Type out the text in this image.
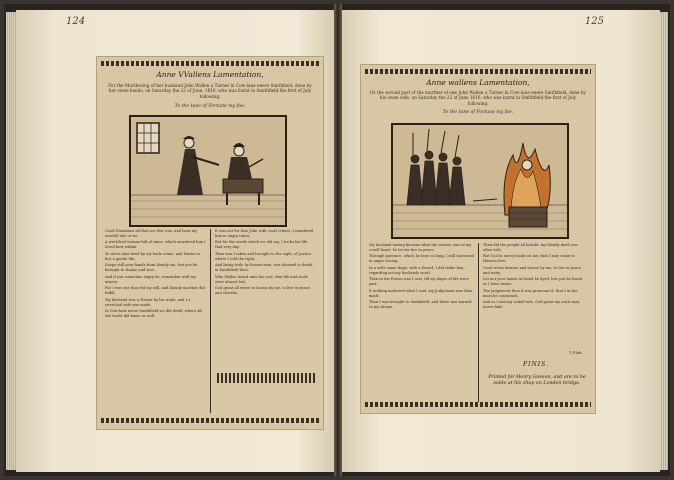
124
Anne VVallens Lamentation,
For the Murthering of her husband John Wallen a Turner in Cow-lane neere Smithfield, done by her owne hands, on Saturday the 22 of June, 1616. who was burnt in Smithfield the first of July following.
To the tune of Fortune my foe.

Good Christians all that see this woe, and hear my woefull tale of wo,

A wretched woman full of sinne, which murdered him I loved best within.

Ye wives take heed by my foule crime, and learne to live a gentle life,

Keepe still your hands from bloudy sin, lest you be brought to shame and woe.

And if you sometime angry be, remember well my misery.

For I was one that fed my will, and bloudy murther did fulfill.

My husband was a Turner by his trade, and I a wretched wife was made,

In Cow-lane neere Smithfield we did dwell, where all the world did know us well.

It was not for that John with cruel crimes, I murdered him in angry times,

But for the words which we did say, I tooke his life that very day.

Then was I taken and brought to the sight, of Justice where I told the right,

And being tride by honest men, was doomed to death in Smithfield then.

Who Wallen heard unto his cost, that life and soule were almost lost,

God grant all wives to learne by me, to live in peace and charitie.

125
Anne wallens Lamentation,
Or the second part of the murther of one John Wallen a Turner in Cow-lane neere Smithfield, done by his owne wife, on Saturday the 22 of June 1616. who was burnt in Smithfield the first of July following.
To the tune of Fortune my foe.

My husband having knowne what the reason, was of my cruell heart, he let me live in peace,

Through patience, which he bore so long, I still increased in anger strong.

In a selfe same Rage, with a Sword, I did strike him, regarding not my husbands word,

Then in the Prison was I cast, till my dayes of life were past.

It nothing mattered what I said, my Judgement was then made,

Then I was brought to Smithfield, and there was burned to my shame.

Then did the people all behold, my bloudy deed was often told,

But God in mercy looke on me, that I may come to Heaven free.

Good wives beware and learne by me, to live in peace and unity,

Let not your hands in bloud be dyed, lest you be burnt as I have beene.

The judgement then it was pronounc'd, that I in fire must be consumed,

And so I end my wofull tale, God grant my soule may never faile.

T. Platt.
FINIS.
Printed for Henry Gosson, and are to be solde at his shop on London bridge.
